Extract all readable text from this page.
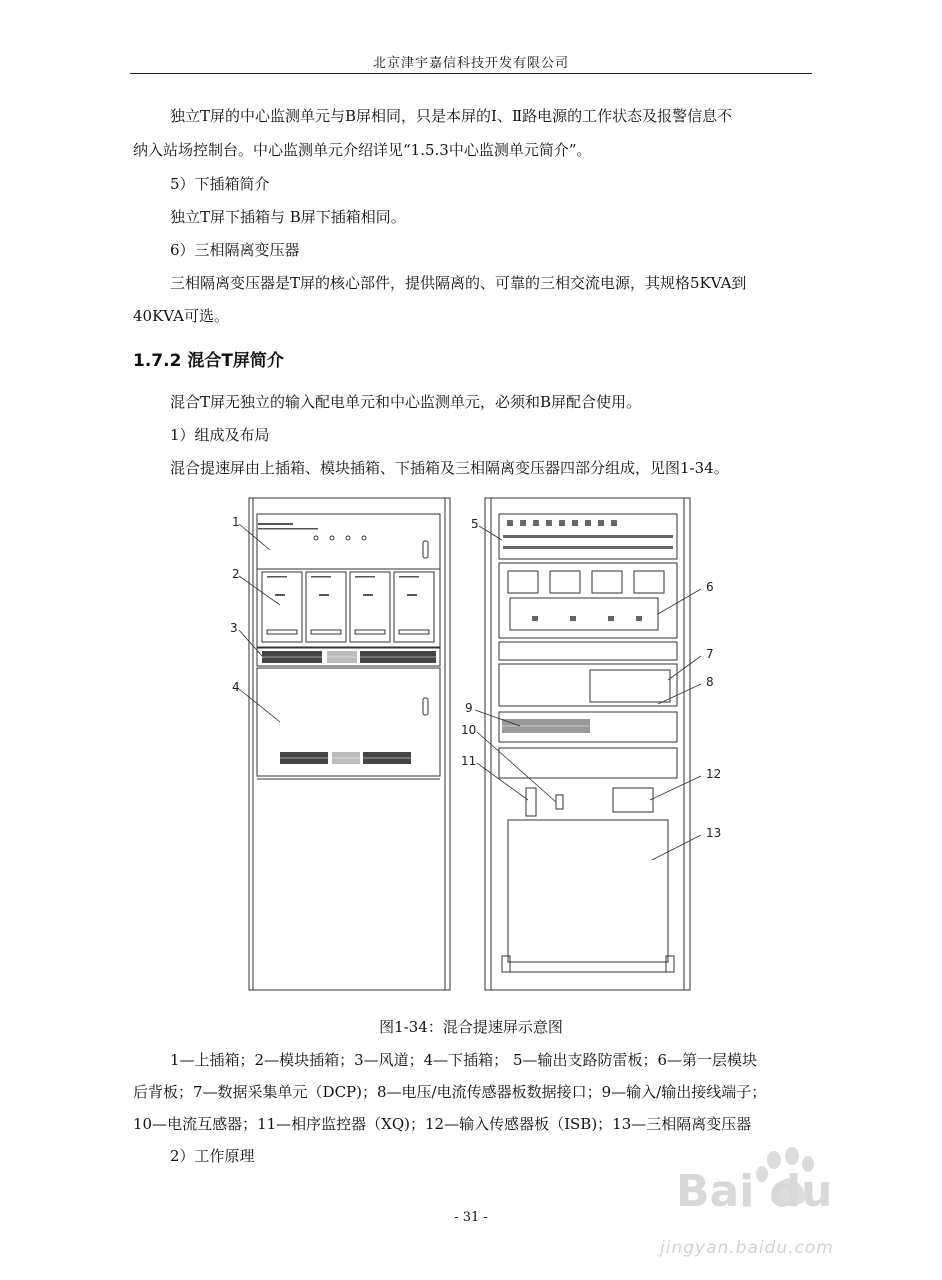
北京津宇嘉信科技开发有限公司
独立T屏的中心监测单元与B屏相同，只是本屏的Ⅰ、Ⅱ路电源的工作状态及报警信息不
纳入站场控制台。中心监测单元介绍详见“1.5.3中心监测单元简介”。
5）下插箱简介
独立T屏下插箱与 B屏下插箱相同。
6）三相隔离变压器
三相隔离变压器是T屏的核心部件，提供隔离的、可靠的三相交流电源，其规格5KVA到
40KVA可选。
1.7.2 混合T屏简介
混合T屏无独立的输入配电单元和中心监测单元，必须和B屏配合使用。
1）组成及布局
混合提速屏由上插箱、模块插箱、下插箱及三相隔离变压器四部分组成，见图1-34。
1
2
3
4
5
6
7
8
9
10
11
12
13
图1-34：混合提速屏示意图
1—上插箱；2—模块插箱；3—风道；4—下插箱； 5—输出支路防雷板；6—第一层模块
后背板；7—数据采集单元（DCP)；8—电压/电流传感器板数据接口；9—输入/输出接线端子；
10—电流互感器；11—相序监控器（XQ)；12—输入传感器板（ISB)；13—三相隔离变压器
2）工作原理
- 31 -
Bai du
jingyan.baidu.com
